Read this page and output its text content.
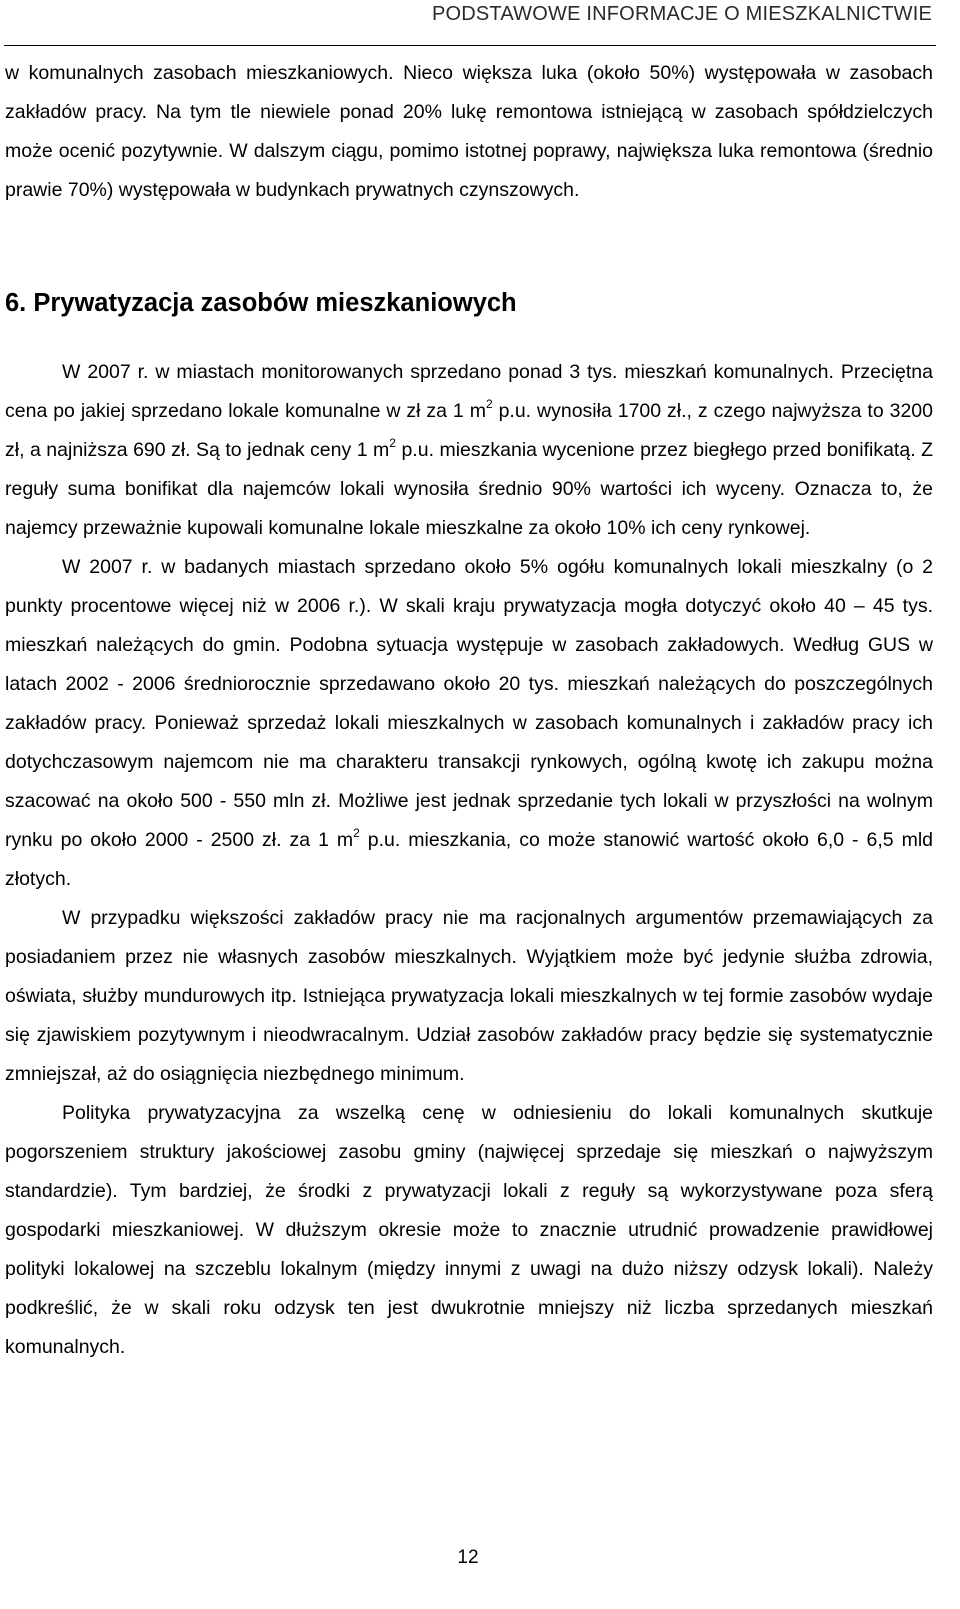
PODSTAWOWE INFORMACJE O MIESZKALNICTWIE

w komunalnych zasobach mieszkaniowych. Nieco większa luka (około 50%) występowała w zasobach zakładów pracy. Na tym tle niewiele ponad 20% lukę remontowa istniejącą w zasobach spółdzielczych może ocenić pozytywnie. W dalszym ciągu, pomimo istotnej poprawy, największa luka remontowa (średnio prawie 70%) występowała w budynkach prywatnych czynszowych.

6. Prywatyzacja zasobów mieszkaniowych

W 2007 r. w miastach monitorowanych sprzedano ponad 3 tys. mieszkań komunalnych. Przeciętna cena po jakiej sprzedano lokale komunalne w zł za 1 $m^2$ p.u. wynosiła 1700 zł., z czego najwyższa to 3200 zł, a najniższa 690 zł. Są to jednak ceny 1 $m^2$ p.u. mieszkania wycenione przez biegłego przed bonifikatą. Z reguły suma bonifikat dla najemców lokali wynosiła średnio 90% wartości ich wyceny. Oznacza to, że najemcy przeważnie kupowali komunalne lokale mieszkalne za około 10% ich ceny rynkowej.

W 2007 r. w badanych miastach sprzedano około 5% ogółu komunalnych lokali mieszkalny (o 2 punkty procentowe więcej niż w 2006 r.). W skali kraju prywatyzacja mogła dotyczyć około 40 – 45 tys. mieszkań należących do gmin. Podobna sytuacja występuje w zasobach zakładowych. Według GUS w latach 2002 - 2006 średniorocznie sprzedawano około 20 tys. mieszkań należących do poszczególnych zakładów pracy. Ponieważ sprzedaż lokali mieszkalnych w zasobach komunalnych i zakładów pracy ich dotychczasowym najemcom nie ma charakteru transakcji rynkowych, ogólną kwotę ich zakupu można szacować na około 500 - 550 mln zł. Możliwe jest jednak sprzedanie tych lokali w przyszłości na wolnym rynku po około 2000 - 2500 zł. za 1 $m^2$ p.u. mieszkania, co może stanowić wartość około 6,0 - 6,5 mld złotych.

W przypadku większości zakładów pracy nie ma racjonalnych argumentów przemawiających za posiadaniem przez nie własnych zasobów mieszkalnych. Wyjątkiem może być jedynie służba zdrowia, oświata, służby mundurowych itp. Istniejąca prywatyzacja lokali mieszkalnych w tej formie zasobów wydaje się zjawiskiem pozytywnym i nieodwracalnym. Udział zasobów zakładów pracy będzie się systematycznie zmniejszał, aż do osiągnięcia niezbędnego minimum.

Polityka prywatyzacyjna za wszelką cenę w odniesieniu do lokali komunalnych skutkuje pogorszeniem struktury jakościowej zasobu gminy (najwięcej sprzedaje się mieszkań o najwyższym standardzie). Tym bardziej, że środki z prywatyzacji lokali z reguły są wykorzystywane poza sferą gospodarki mieszkaniowej. W dłuższym okresie może to znacznie utrudnić prowadzenie prawidłowej polityki lokalowej na szczeblu lokalnym (między innymi z uwagi na dużo niższy odzysk lokali). Należy podkreślić, że w skali roku odzysk ten jest dwukrotnie mniejszy niż liczba sprzedanych mieszkań komunalnych.

12
